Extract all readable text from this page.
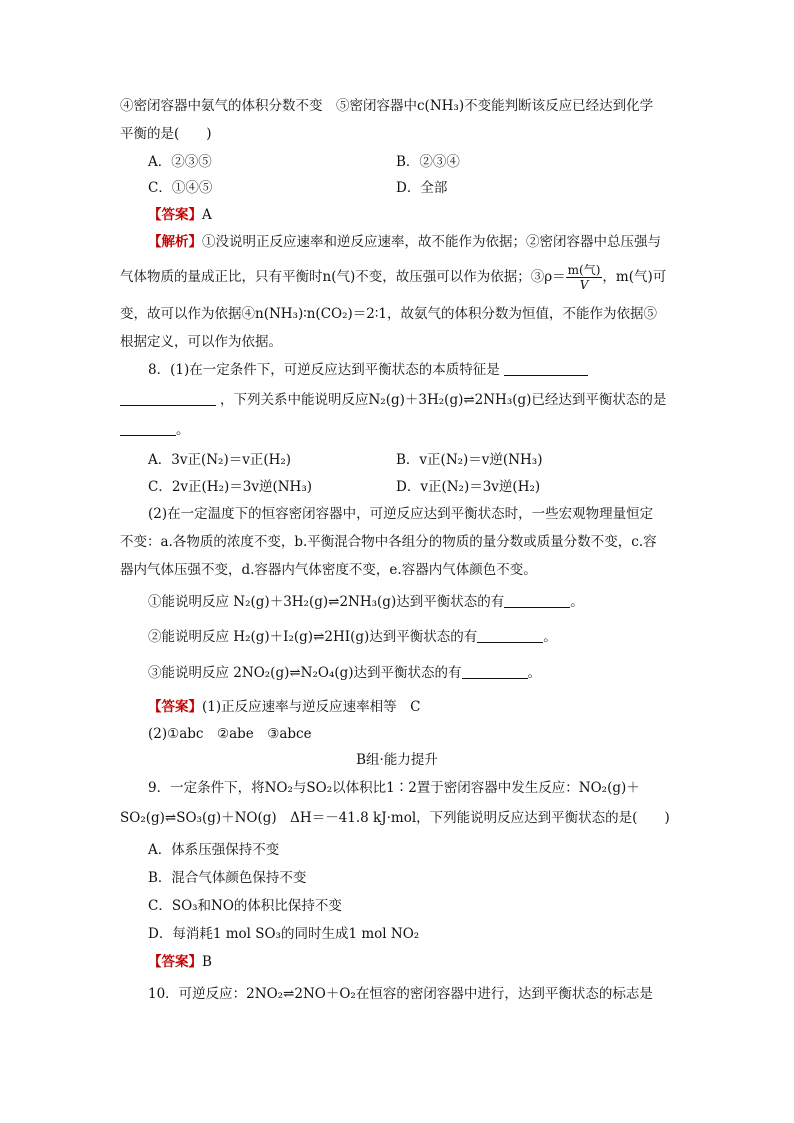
④密闭容器中氨气的体积分数不变　⑤密闭容器中c(NH₃)不变能判断该反应已经达到化学
平衡的是(　　)
A．②③⑤	B．②③④
C．①④⑤	D．全部
【答案】A
【解析】①没说明正反应速率和逆反应速率，故不能作为依据；②密闭容器中总压强与
气体物质的量成正比，只有平衡时n(气)不变，故压强可以作为依据；③ρ＝ $\frac{\text{m(气)}}{V}$ ，m(气)可
变，故可以作为依据④n(NH₃)∶n(CO₂)＝2∶1，故氨气的体积分数为恒值，不能作为依据⑤
根据定义，可以作为依据。
8．(1)在一定条件下，可逆反应达到平衡状态的本质特征是
，下列关系中能说明反应N₂(g)＋3H₂(g)⇌2NH₃(g)已经达到平衡状态的是
。
A．3v正(N₂)＝v正(H₂)	B．v正(N₂)＝v逆(NH₃)
C．2v正(H₂)＝3v逆(NH₃)	D．v正(N₂)＝3v逆(H₂)
(2)在一定温度下的恒容密闭容器中，可逆反应达到平衡状态时，一些宏观物理量恒定
不变：a.各物质的浓度不变，b.平衡混合物中各组分的物质的量分数或质量分数不变，c.容
器内气体压强不变，d.容器内气体密度不变，e.容器内气体颜色不变。
①能说明反应 N₂(g)＋3H₂(g)⇌2NH₃(g)达到平衡状态的有	。
②能说明反应 H₂(g)＋I₂(g)⇌2HI(g)达到平衡状态的有	。
③能说明反应 2NO₂(g)⇌N₂O₄(g)达到平衡状态的有	。
【答案】(1)正反应速率与逆反应速率相等　C
(2)①abc　②abe　③abce
B组·能力提升
9．一定条件下，将NO₂与SO₂以体积比1∶2置于密闭容器中发生反应：NO₂(g)＋
SO₂(g)⇌SO₃(g)＋NO(g)　ΔH＝－41.8 kJ·mol，下列能说明反应达到平衡状态的是(　　)
A．体系压强保持不变
B．混合气体颜色保持不变
C．SO₃和NO的体积比保持不变
D．每消耗1 mol SO₃的同时生成1 mol NO₂
【答案】B
10．可逆反应：2NO₂⇌2NO＋O₂在恒容的密闭容器中进行，达到平衡状态的标志是
